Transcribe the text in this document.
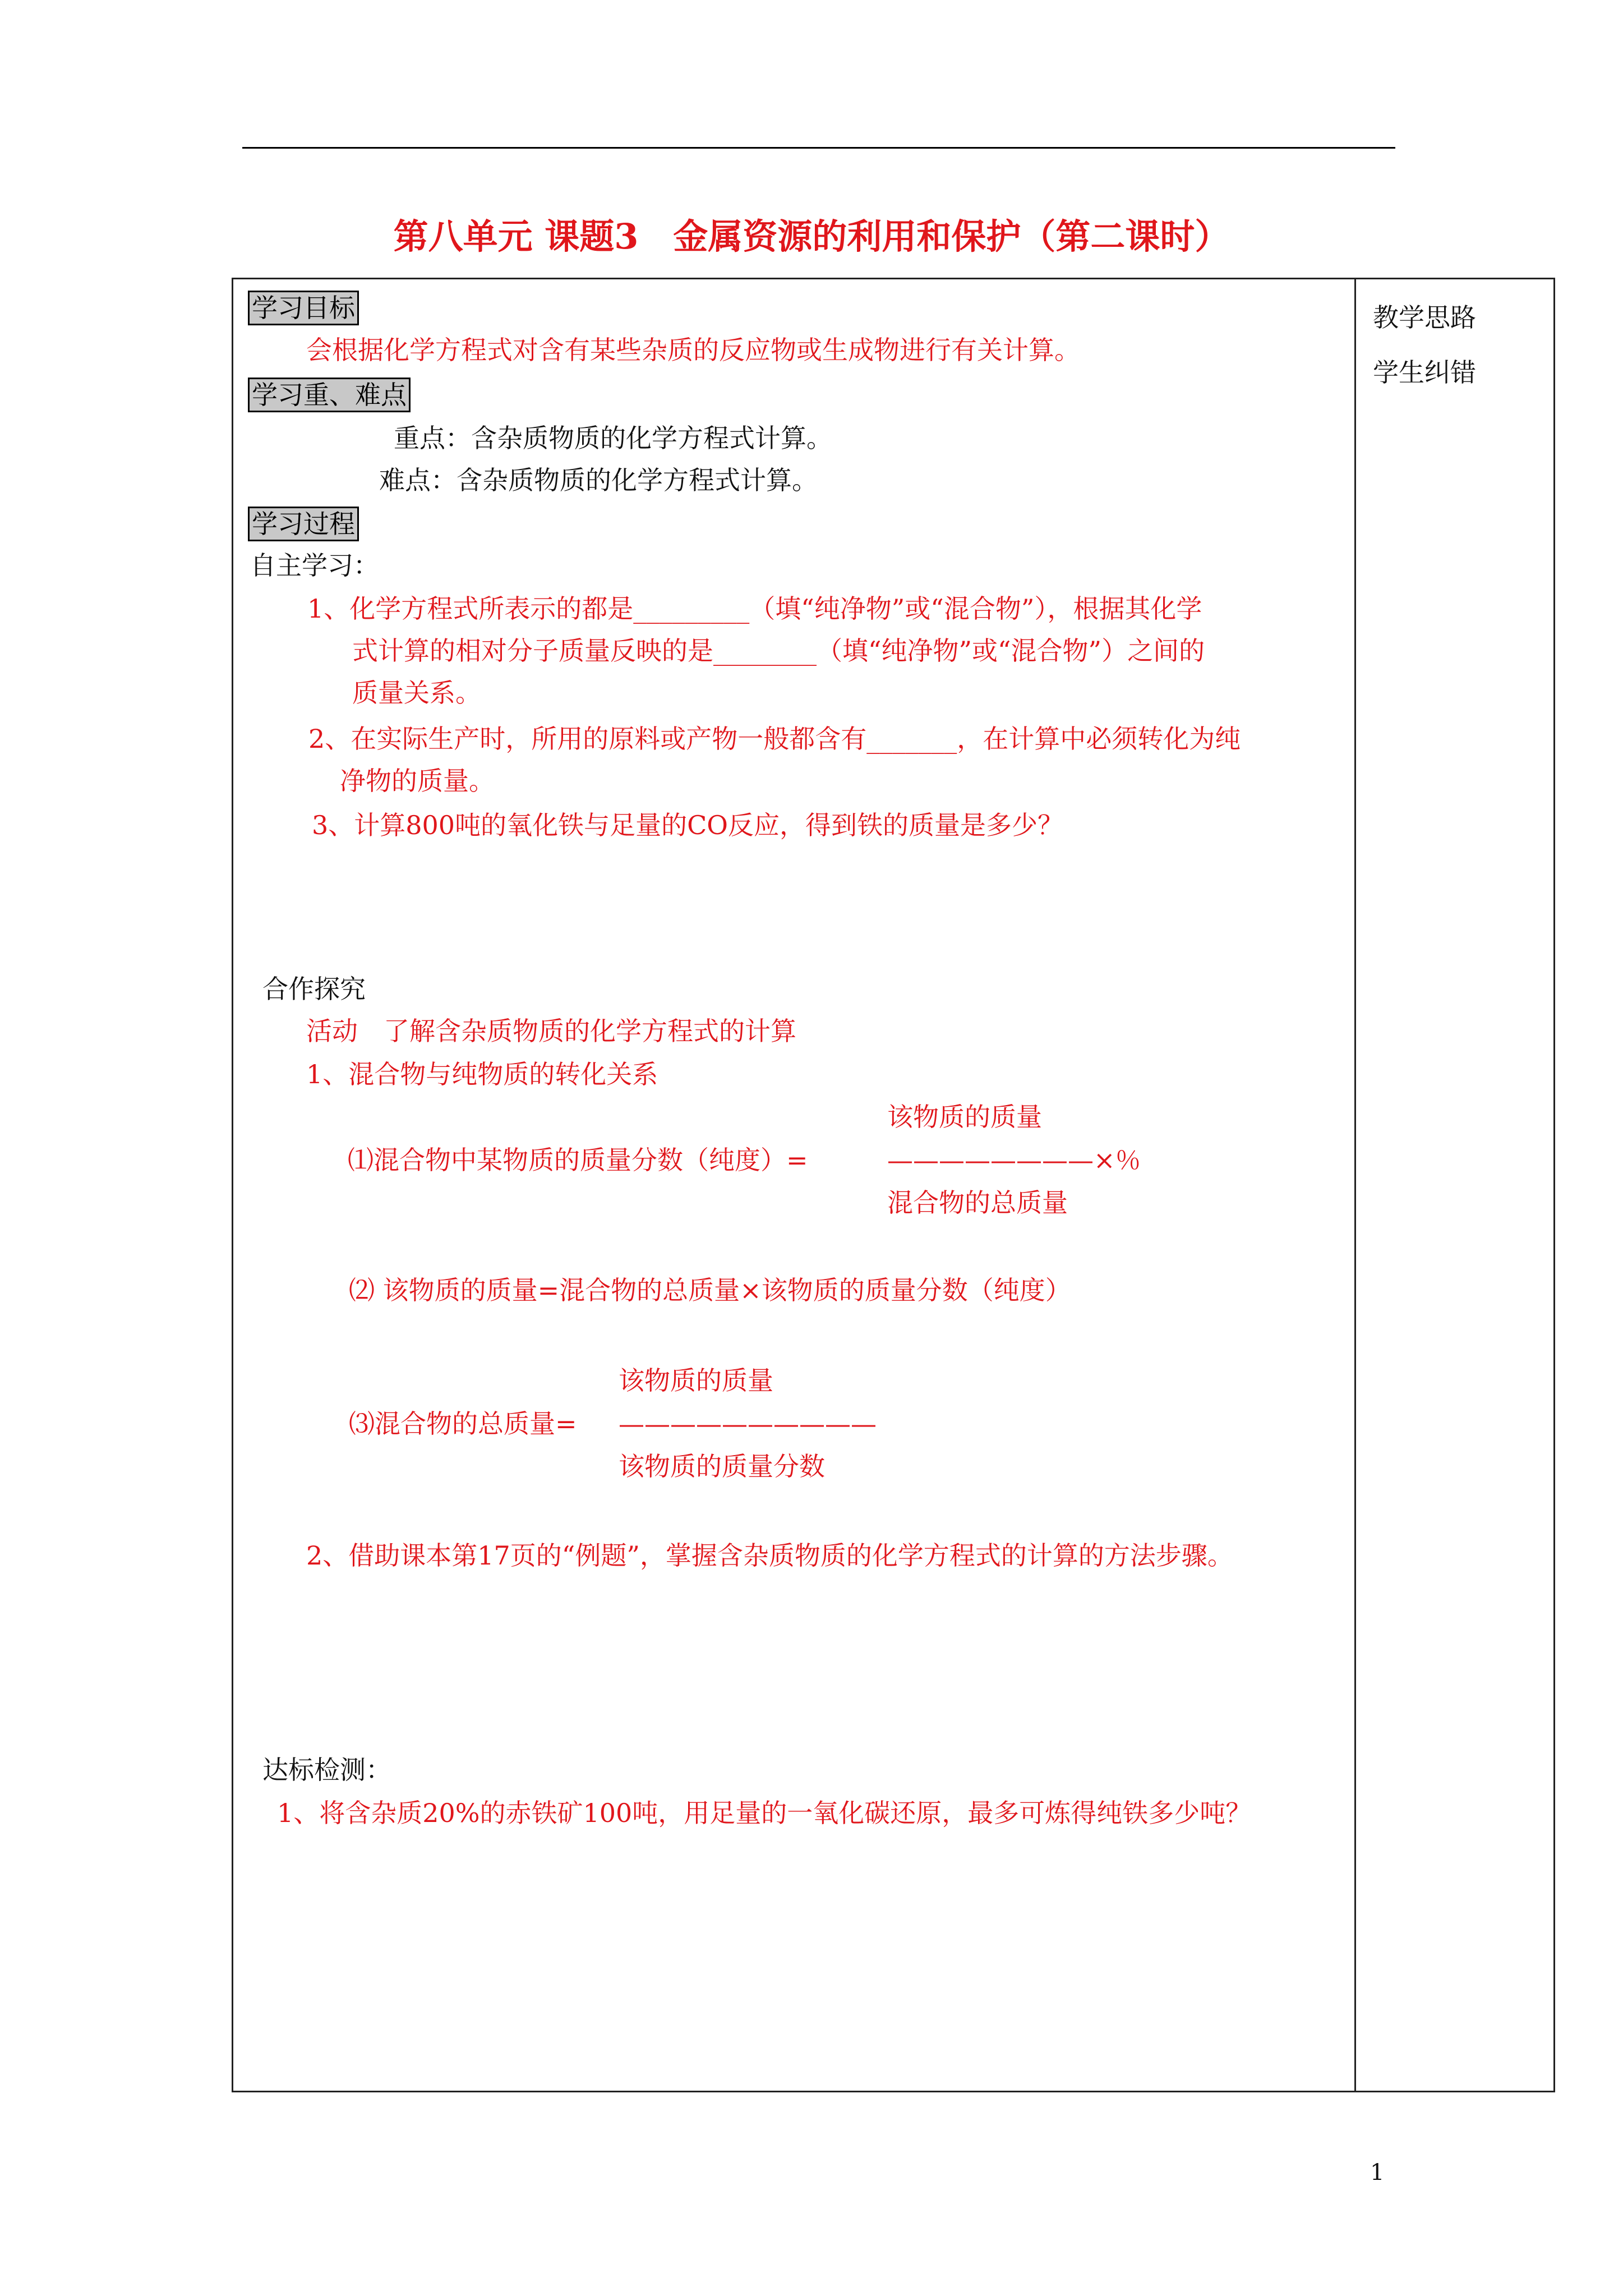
第八单元 课题3　金属资源的利用和保护（第二课时）
教学思路
学生纠错
学习目标
会根据化学方程式对含有某些杂质的反应物或生成物进行有关计算。
学习重、难点
重点：含杂质物质的化学方程式计算。
难点：含杂质物质的化学方程式计算。
学习过程
自主学习：
1、化学方程式所表示的都是_________（填“纯净物”或“混合物”），根据其化学
式计算的相对分子质量反映的是________（填“纯净物”或“混合物”）之间的
质量关系。
2、在实际生产时，所用的原料或产物一般都含有_______，在计算中必须转化为纯
净物的质量。
3、计算800吨的氧化铁与足量的CO反应，得到铁的质量是多少？
合作探究
活动　了解含杂质物质的化学方程式的计算
1、混合物与纯物质的转化关系
该物质的质量
⑴混合物中某物质的质量分数（纯度）=	————————×％
混合物的总质量
⑵ 该物质的质量=混合物的总质量×该物质的质量分数（纯度）
该物质的质量
⑶混合物的总质量= ——————————
该物质的质量分数
2、借助课本第17页的“例题”，掌握含杂质物质的化学方程式的计算的方法步骤。
达标检测：
1、将含杂质20%的赤铁矿100吨，用足量的一氧化碳还原，最多可炼得纯铁多少吨？
1
